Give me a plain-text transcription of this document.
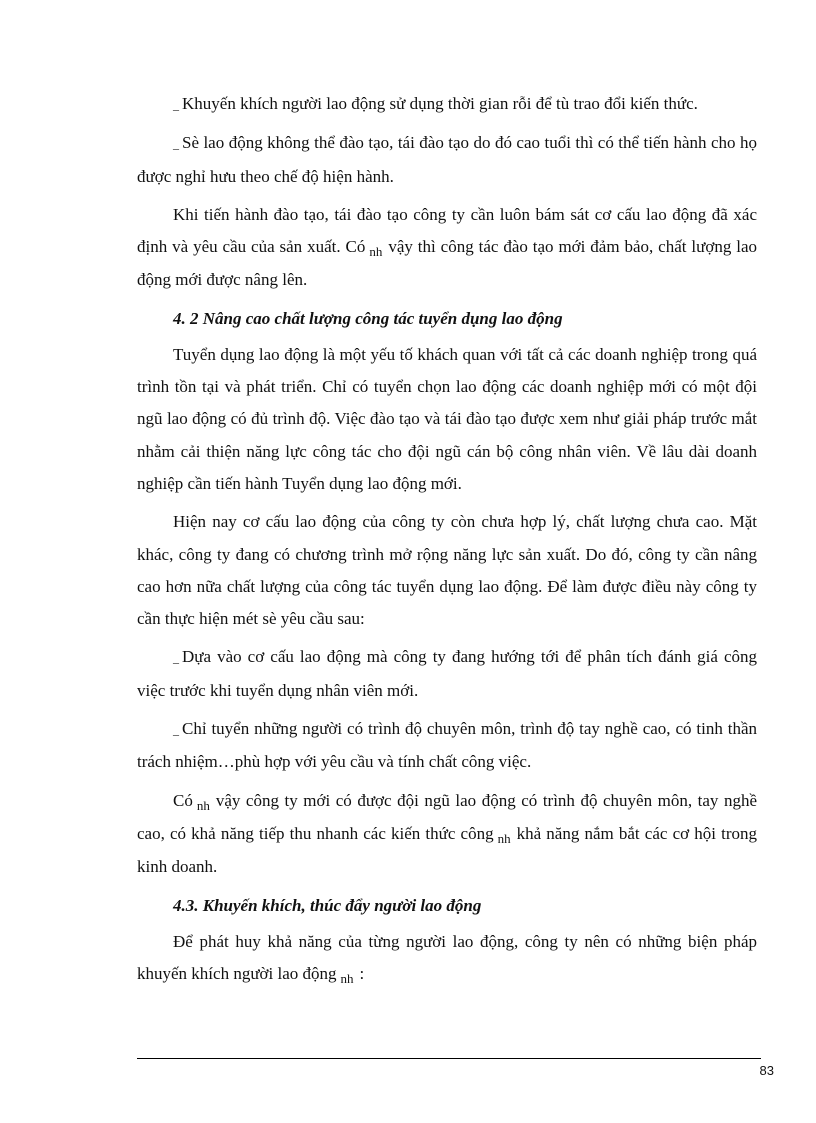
_ Khuyến khích người lao động sử dụng thời gian rỗi để tù trao đổi kiến thức.

_ Sè lao động không thể đào tạo, tái đào tạo do đó cao tuổi thì có thể tiến hành cho họ được nghỉ hưu theo chế độ hiện hành.

Khi tiến hành đào tạo, tái đào tạo công ty cần luôn bám sát cơ cấu lao động đã xác định và yêu cầu của sản xuất. Có $_{nh}$ vậy thì công tác đào tạo mới đảm bảo, chất lượng lao động mới được nâng lên.

4. 2 Nâng cao chất lượng công tác tuyển dụng lao động

Tuyển dụng lao động là một yếu tố khách quan với tất cả các doanh nghiệp trong quá trình tồn tại và phát triển. Chỉ có tuyển chọn lao động các doanh nghiệp mới có một đội ngũ lao động có đủ trình độ. Việc đào tạo và tái đào tạo được xem như giải pháp trước mắt nhằm cải thiện năng lực công tác cho đội ngũ cán bộ công nhân viên. Về lâu dài doanh nghiệp cần tiến hành Tuyển dụng lao động mới.

Hiện nay cơ cấu lao động của công ty còn chưa hợp lý, chất lượng chưa cao. Mặt khác, công ty đang có chương trình mở rộng năng lực sản xuất. Do đó, công ty cần nâng cao hơn nữa chất lượng của công tác tuyển dụng lao động. Để làm được điều này công ty cần thực hiện mét sè yêu cầu sau:

_ Dựa vào cơ cấu lao động mà công ty đang hướng tới để phân tích đánh giá công việc trước khi tuyển dụng nhân viên mới.

_ Chỉ tuyển những người có trình độ chuyên môn, trình độ tay nghề cao, có tinh thần trách nhiệm…phù hợp với yêu cầu và tính chất công việc.

Có $_{nh}$ vậy công ty mới có được đội ngũ lao động có trình độ chuyên môn, tay nghề cao, có khả năng tiếp thu nhanh các kiến thức công $_{nh}$ khả năng nắm bắt các cơ hội trong kinh doanh.

4.3. Khuyến khích, thúc đẩy người lao động

Để phát huy khả năng của từng người lao động, công ty nên có những biện pháp khuyến khích người lao động $_{nh}$ :

83
